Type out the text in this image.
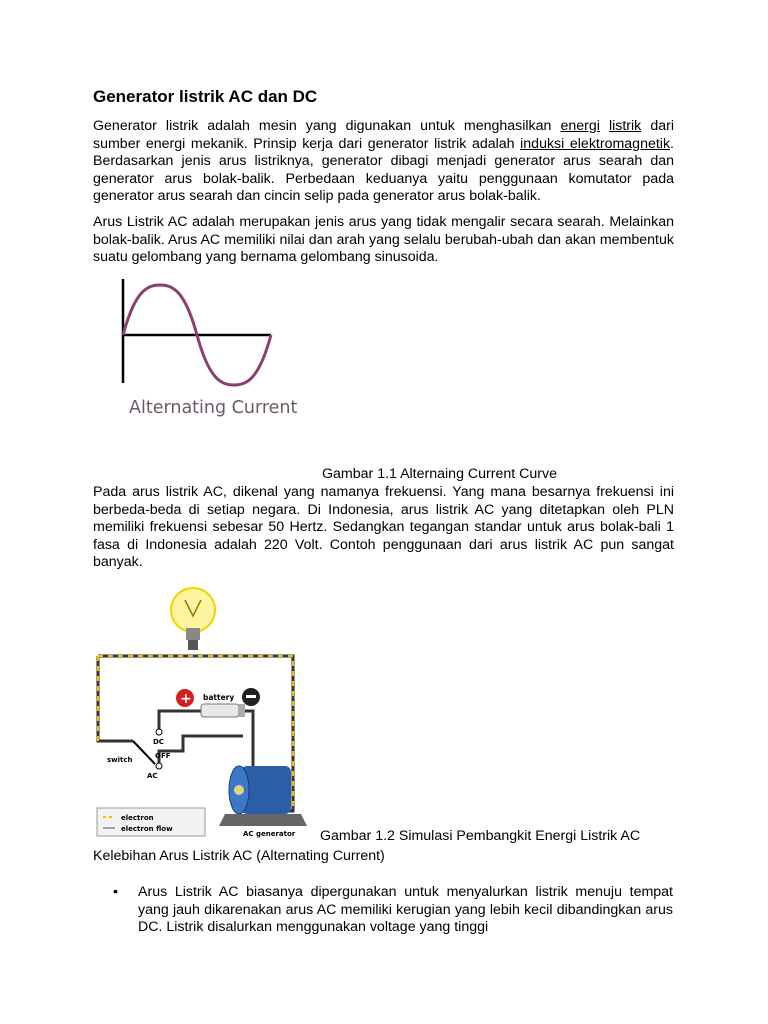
Generator listrik AC dan DC

Generator listrik adalah mesin yang digunakan untuk menghasilkan energi listrik dari sumber energi mekanik. Prinsip kerja dari generator listrik adalah induksi elektromagnetik. Berdasarkan jenis arus listriknya, generator dibagi menjadi generator arus searah dan generator arus bolak-balik. Perbedaan keduanya yaitu penggunaan komutator pada generator arus searah dan cincin selip pada generator arus bolak-balik.

Arus Listrik AC adalah merupakan jenis arus yang tidak mengalir secara searah. Melainkan bolak-balik. Arus AC memiliki nilai dan arah yang selalu berubah-ubah dan akan membentuk suatu gelombang yang bernama gelombang sinusoida.

Alternating Current
Gambar 1.1 Alternaing Current Curve

Pada arus listrik AC, dikenal yang namanya frekuensi. Yang mana besarnya frekuensi ini berbeda-beda di setiap negara. Di Indonesia, arus listrik AC yang ditetapkan oleh PLN memiliki frekuensi sebesar 50 Hertz. Sedangkan tegangan standar untuk arus bolak-bali 1 fasa di Indonesia adalah 220 Volt. Contoh penggunaan dari arus listrik AC pun sangat banyak.

+ battery
DC
OFF
AC
switch
AC generator
electron
electron flow	Gambar 1.2 Simulasi Pembangkit Energi Listrik AC
Kelebihan Arus Listrik AC (Alternating Current)
• Arus Listrik AC biasanya dipergunakan untuk menyalurkan listrik menuju tempat yang jauh dikarenakan arus AC memiliki kerugian yang lebih kecil dibandingkan arus DC. Listrik disalurkan menggunakan voltage yang tinggi
